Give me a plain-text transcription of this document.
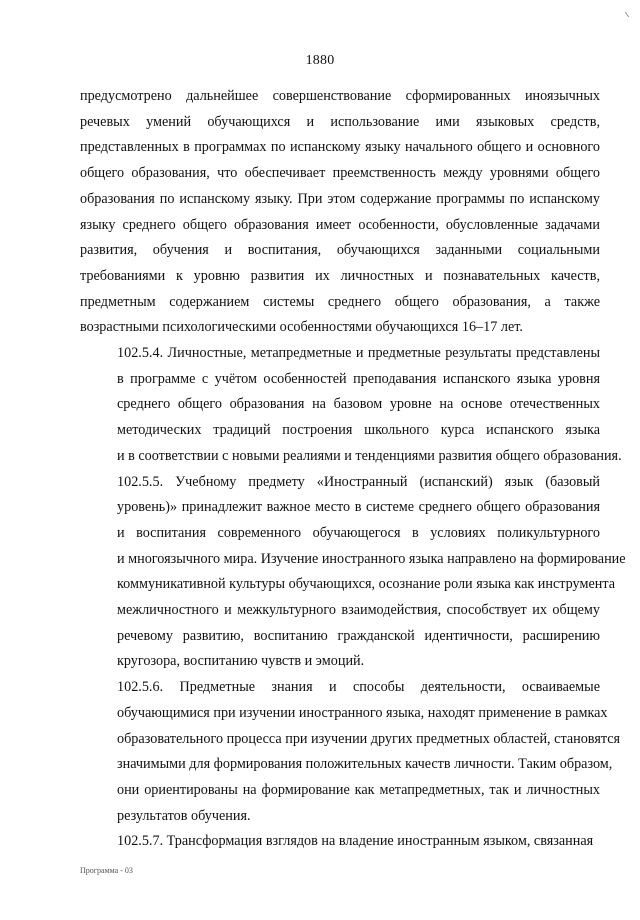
1880

предусмотрено дальнейшее совершенствование сформированных иноязычных
речевых умений обучающихся и использование ими языковых средств,
представленных в программах по испанскому языку начального общего и основного
общего образования, что обеспечивает преемственность между уровнями общего
образования по испанскому языку. При этом содержание программы по испанскому
языку среднего общего образования имеет особенности, обусловленные задачами
развития, обучения и воспитания, обучающихся заданными социальными
требованиями к уровню развития их личностных и познавательных качеств,
предметным содержанием системы среднего общего образования, а также
возрастными психологическими особенностями обучающихся 16–17 лет.

102.5.4. Личностные, метапредметные и предметные результаты представлены
в программе с учётом особенностей преподавания испанского языка уровня
среднего общего образования на базовом уровне на основе отечественных
методических традиций построения школьного курса испанского языка
и в соответствии с новыми реалиями и тенденциями развития общего образования.

102.5.5. Учебному предмету «Иностранный (испанский) язык (базовый
уровень)» принадлежит важное место в системе среднего общего образования
и воспитания современного обучающегося в условиях поликультурного
и многоязычного мира. Изучение иностранного языка направлено на формирование
коммуникативной культуры обучающихся, осознание роли языка как инструмента
межличностного и межкультурного взаимодействия, способствует их общему
речевому развитию, воспитанию гражданской идентичности, расширению
кругозора, воспитанию чувств и эмоций.

102.5.6. Предметные знания и способы деятельности, осваиваемые
обучающимися при изучении иностранного языка, находят применение в рамках
образовательного процесса при изучении других предметных областей, становятся
значимыми для формирования положительных качеств личности. Таким образом,
они ориентированы на формирование как метапредметных, так и личностных
результатов обучения.

102.5.7. Трансформация взглядов на владение иностранным языком, связанная

Программа - 03
